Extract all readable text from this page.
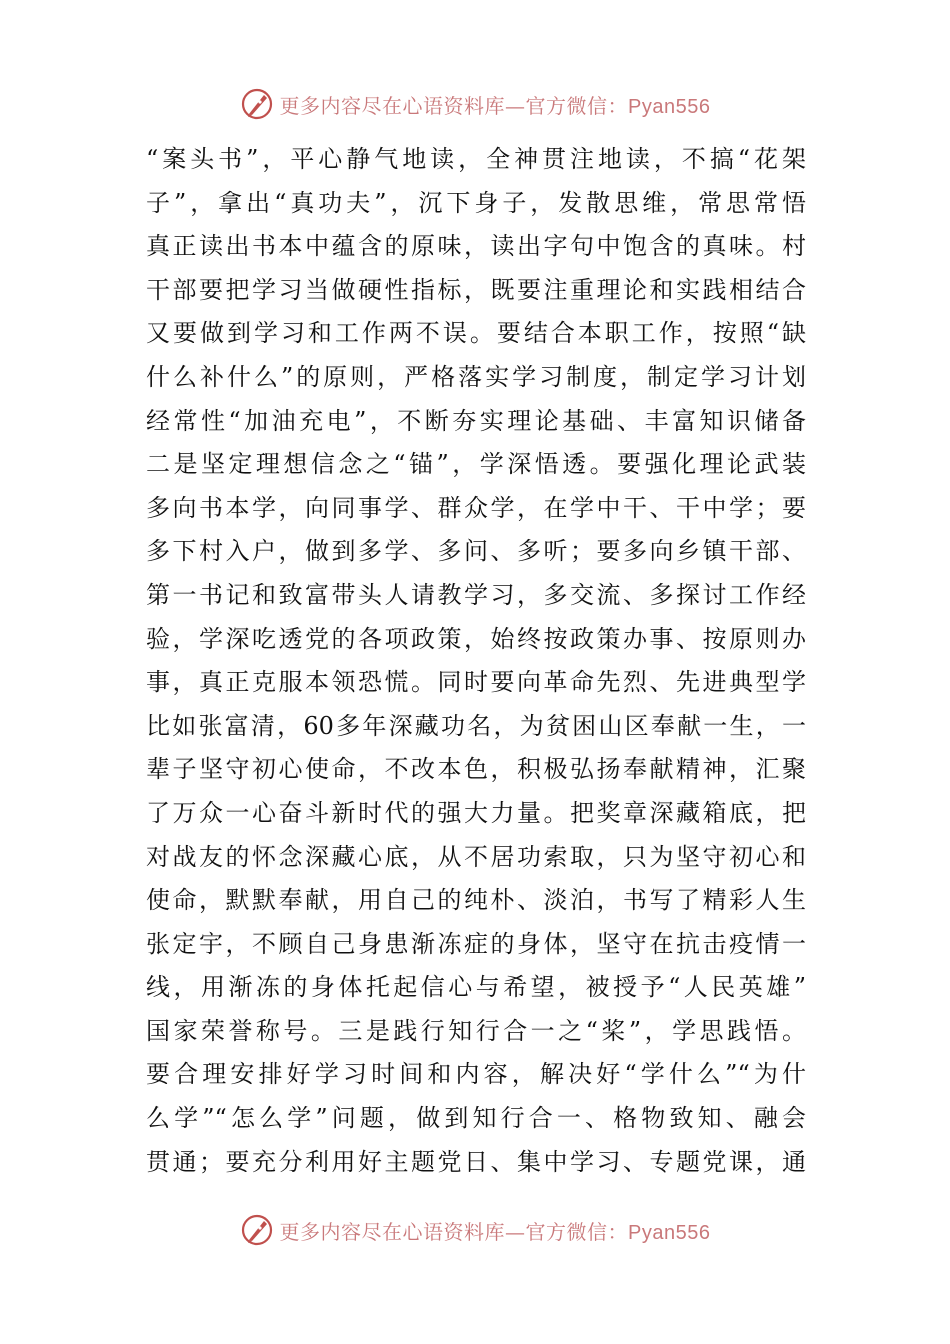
更多内容尽在心语资料库—官方微信：Pyan556
“案头书”，平心静气地读，全神贯注地读，不搞“花架
子”，拿出“真功夫”，沉下身子，发散思维，常思常悟
真正读出书本中蕴含的原味，读出字句中饱含的真味。村
干部要把学习当做硬性指标，既要注重理论和实践相结合
又要做到学习和工作两不误。要结合本职工作，按照“缺
什么补什么”的原则，严格落实学习制度，制定学习计划
经常性“加油充电”，不断夯实理论基础、丰富知识储备
二是坚定理想信念之“锚”，学深悟透。要强化理论武装
多向书本学，向同事学、群众学，在学中干、干中学；要
多下村入户，做到多学、多问、多听；要多向乡镇干部、
第一书记和致富带头人请教学习，多交流、多探讨工作经
验，学深吃透党的各项政策，始终按政策办事、按原则办
事，真正克服本领恐慌。同时要向革命先烈、先进典型学
比如张富清，60多年深藏功名，为贫困山区奉献一生，一
辈子坚守初心使命，不改本色，积极弘扬奉献精神，汇聚
了万众一心奋斗新时代的强大力量。把奖章深藏箱底，把
对战友的怀念深藏心底，从不居功索取，只为坚守初心和
使命，默默奉献，用自己的纯朴、淡泊，书写了精彩人生
张定宇，不顾自己身患渐冻症的身体，坚守在抗击疫情一
线，用渐冻的身体托起信心与希望，被授予“人民英雄”
国家荣誉称号。三是践行知行合一之“桨”，学思践悟。
要合理安排好学习时间和内容，解决好“学什么”“为什
么学”“怎么学”问题，做到知行合一、格物致知、融会
贯通；要充分利用好主题党日、集中学习、专题党课，通
更多内容尽在心语资料库—官方微信：Pyan556
